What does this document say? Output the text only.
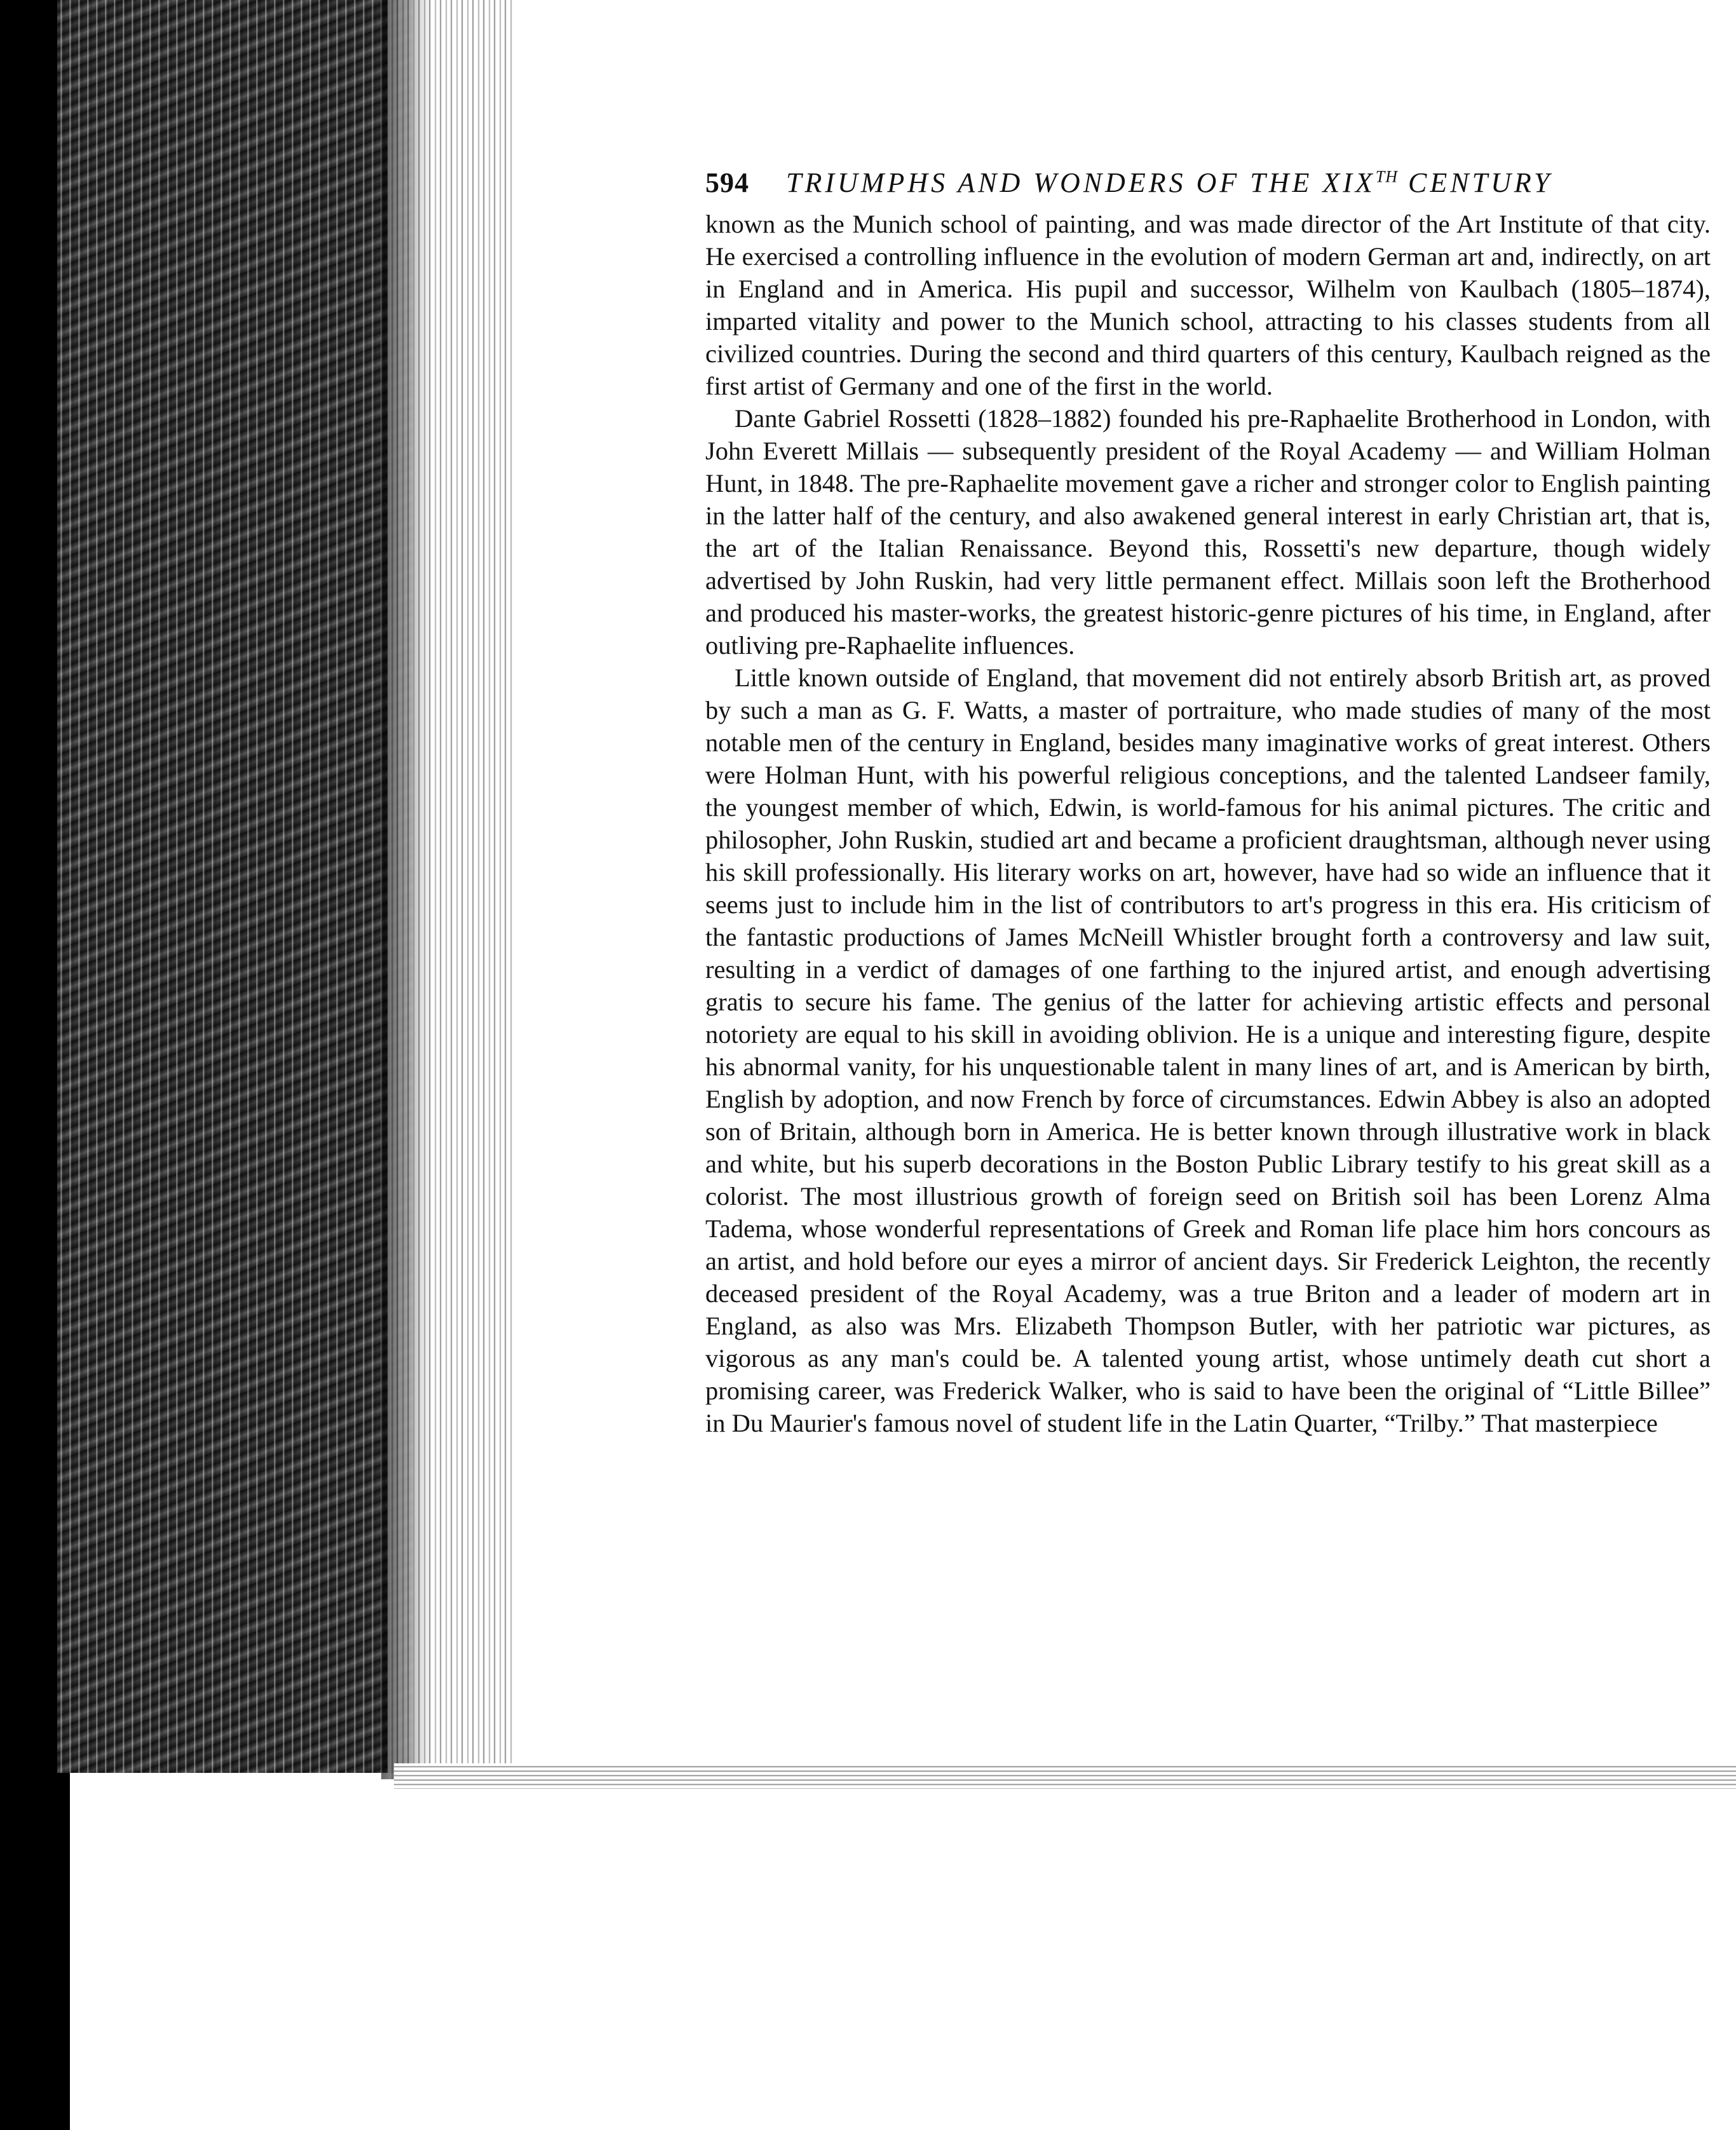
594 TRIUMPHS AND WONDERS OF THE XIXTH CENTURY

known as the Munich school of painting, and was made director of the Art Institute of that city. He exercised a controlling influence in the evolution of modern German art and, indirectly, on art in England and in America. His pupil and successor, Wilhelm von Kaulbach (1805–1874), imparted vitality and power to the Munich school, attracting to his classes students from all civilized countries. During the second and third quarters of this century, Kaulbach reigned as the first artist of Germany and one of the first in the world.

Dante Gabriel Rossetti (1828–1882) founded his pre-Raphaelite Brotherhood in London, with John Everett Millais — subsequently president of the Royal Academy — and William Holman Hunt, in 1848. The pre-Raphaelite movement gave a richer and stronger color to English painting in the latter half of the century, and also awakened general interest in early Christian art, that is, the art of the Italian Renaissance. Beyond this, Rossetti's new departure, though widely advertised by John Ruskin, had very little permanent effect. Millais soon left the Brotherhood and produced his master-works, the greatest historic-genre pictures of his time, in England, after outliving pre-Raphaelite influences.

Little known outside of England, that movement did not entirely absorb British art, as proved by such a man as G. F. Watts, a master of portraiture, who made studies of many of the most notable men of the century in England, besides many imaginative works of great interest. Others were Holman Hunt, with his powerful religious conceptions, and the talented Landseer family, the youngest member of which, Edwin, is world-famous for his animal pictures. The critic and philosopher, John Ruskin, studied art and became a proficient draughtsman, although never using his skill professionally. His literary works on art, however, have had so wide an influence that it seems just to include him in the list of contributors to art's progress in this era. His criticism of the fantastic productions of James McNeill Whistler brought forth a controversy and law suit, resulting in a verdict of damages of one farthing to the injured artist, and enough advertising gratis to secure his fame. The genius of the latter for achieving artistic effects and personal notoriety are equal to his skill in avoiding oblivion. He is a unique and interesting figure, despite his abnormal vanity, for his unquestionable talent in many lines of art, and is American by birth, English by adoption, and now French by force of circumstances. Edwin Abbey is also an adopted son of Britain, although born in America. He is better known through illustrative work in black and white, but his superb decorations in the Boston Public Library testify to his great skill as a colorist. The most illustrious growth of foreign seed on British soil has been Lorenz Alma Tadema, whose wonderful representations of Greek and Roman life place him hors concours as an artist, and hold before our eyes a mirror of ancient days. Sir Frederick Leighton, the recently deceased president of the Royal Academy, was a true Briton and a leader of modern art in England, as also was Mrs. Elizabeth Thompson Butler, with her patriotic war pictures, as vigorous as any man's could be. A talented young artist, whose untimely death cut short a promising career, was Frederick Walker, who is said to have been the original of “Little Billee” in Du Maurier's famous novel of student life in the Latin Quarter, “Trilby.” That masterpiece
